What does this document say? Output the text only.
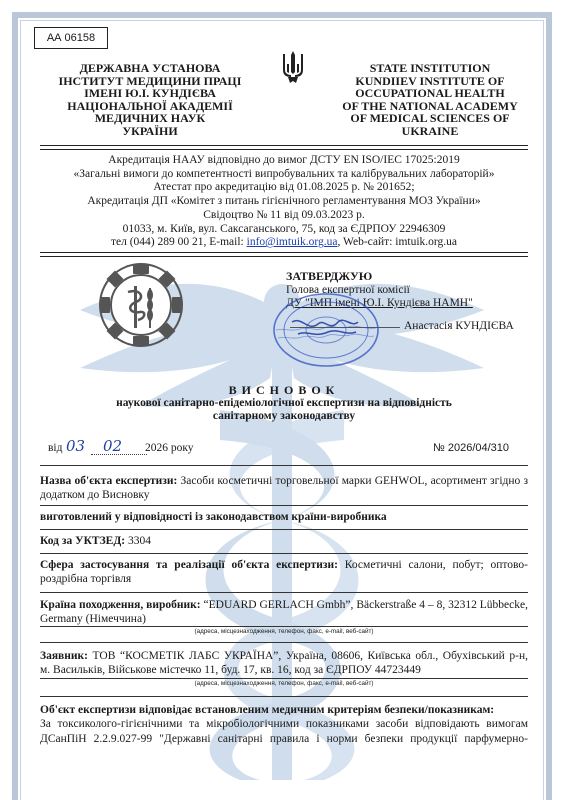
АА 06158
ДЕРЖАВНА УСТАНОВА
ІНСТИТУТ МЕДИЦИНИ ПРАЦІ
ІМЕНІ Ю.І. КУНДІЄВА
НАЦІОНАЛЬНОЇ АКАДЕМІЇ
МЕДИЧНИХ НАУК
УКРАЇНИ
STATE INSTITUTION
KUNDIIEV INSTITUTE OF
OCCUPATIONAL HEALTH
OF THE NATIONAL ACADEMY
OF MEDICAL SCIENCES OF
UKRAINE
Акредитація НААУ відповідно до вимог ДСТУ EN ISO/IEC 17025:2019
«Загальні вимоги до компетентності випробувальних та калібрувальних лабораторій»
Атестат про акредитацію від 01.08.2025 р. № 201652;
Акредитація ДП «Комітет з питань гігієнічного регламентування МОЗ України»
Свідоцтво № 11 від 09.03.2023 р.
01033, м. Київ, вул. Саксаганського, 75, код за ЄДРПОУ 22946309
тел (044) 289 00 21, E-mail: info@imtuik.org.ua, Web-сайт: imtuik.org.ua
ЗАТВЕРДЖУЮ
Голова експертної комісії
ДУ "ІМП імені Ю.І. Кундієва НАМН"
Анастасія КУНДІЄВА
ВИСНОВОК
наукової санітарно-епідеміологічної експертизи на відповідність
санітарному законодавству
від 03 02 2026 року	№ 2026/04/310
Назва об'єкта експертизи: Засоби косметичні торговельної марки GEHWOL, асортимент згідно з
додатком до Висновку
виготовлений у відповідності із законодавством країни-виробника
Код за УКТЗЕД: 3304
Сфера застосування та реалізації об'єкта експертизи: Косметичні салони, побут; оптово-
роздрібна торгівля
Країна походження, виробник: “EDUARD GERLACH Gmbh”, Bäckerstraße 4 – 8, 32312 Lübbecke,
Germany (Німеччина)
(адреса, місцезнаходження, телефон, факс, e-mail, веб-сайт)
Заявник: ТОВ “КОСМЕТІК ЛАБС УКРАЇНА”, Україна, 08606, Київська обл., Обухівський р-н,
м. Васильків, Військове містечко 11, буд. 17, кв. 16, код за ЄДРПОУ 44723449
(адреса, місцезнаходження, телефон, факс, e-mail, веб-сайт)
Об'єкт експертизи відповідає встановленим медичним критеріям безпеки/показникам:
За токсиколого-гігієнічними та мікробіологічними показниками засоби відповідають вимогам
ДСанПіН 2.2.9.027-99 "Державні санітарні правила і норми безпеки продукції парфумерно-
